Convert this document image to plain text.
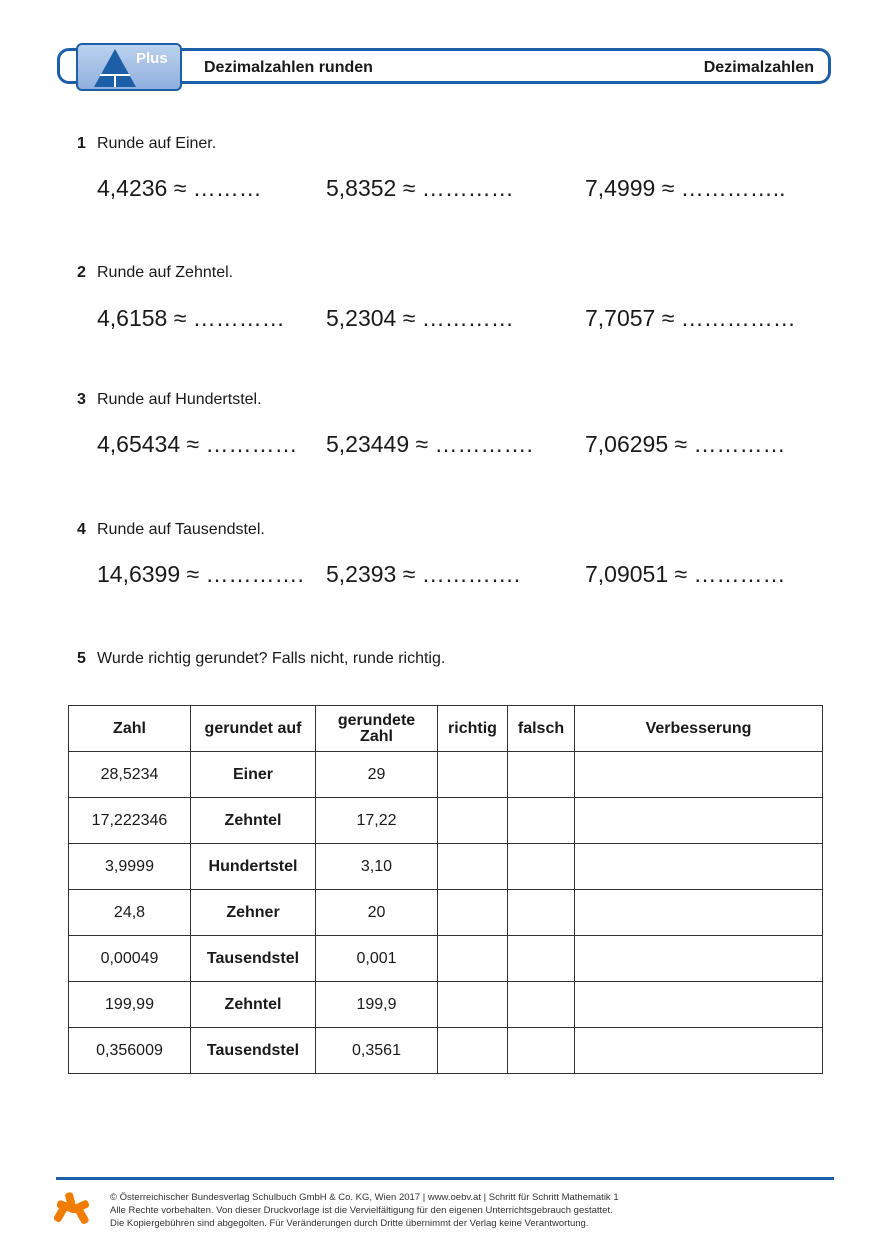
Plus
Dezimalzahlen runden	Dezimalzahlen
1 Runde auf Einer.
4,4236 ≈ ………	5,8352 ≈ …………	7,4999 ≈ …………..
2 Runde auf Zehntel.
4,6158 ≈ ………… 5,2304 ≈ …………	7,7057 ≈ ……………
3 Runde auf Hundertstel.
4,65434 ≈ ………… 5,23449 ≈ …………. 7,06295 ≈ …………
4 Runde auf Tausendstel.
14,6399 ≈ …………. 5,2393 ≈ ………….	7,09051 ≈ …………
5 Wurde richtig gerundet? Falls nicht, runde richtig.
Zahl	gerundet auf	gerundete
Zahl	richtig	falsch	Verbesserung
28,5234	Einer	29			
17,222346	Zehntel	17,22			
3,9999	Hundertstel	3,10			
24,8	Zehner	20			
0,00049	Tausendstel	0,001			
199,99	Zehntel	199,9			
0,356009	Tausendstel	0,3561			
© Österreichischer Bundesverlag Schulbuch GmbH & Co. KG, Wien 2017 | www.oebv.at | Schritt für Schritt Mathematik 1
Alle Rechte vorbehalten. Von dieser Druckvorlage ist die Vervielfältigung für den eigenen Unterrichtsgebrauch gestattet.
Die Kopiergebühren sind abgegolten. Für Veränderungen durch Dritte übernimmt der Verlag keine Verantwortung.
